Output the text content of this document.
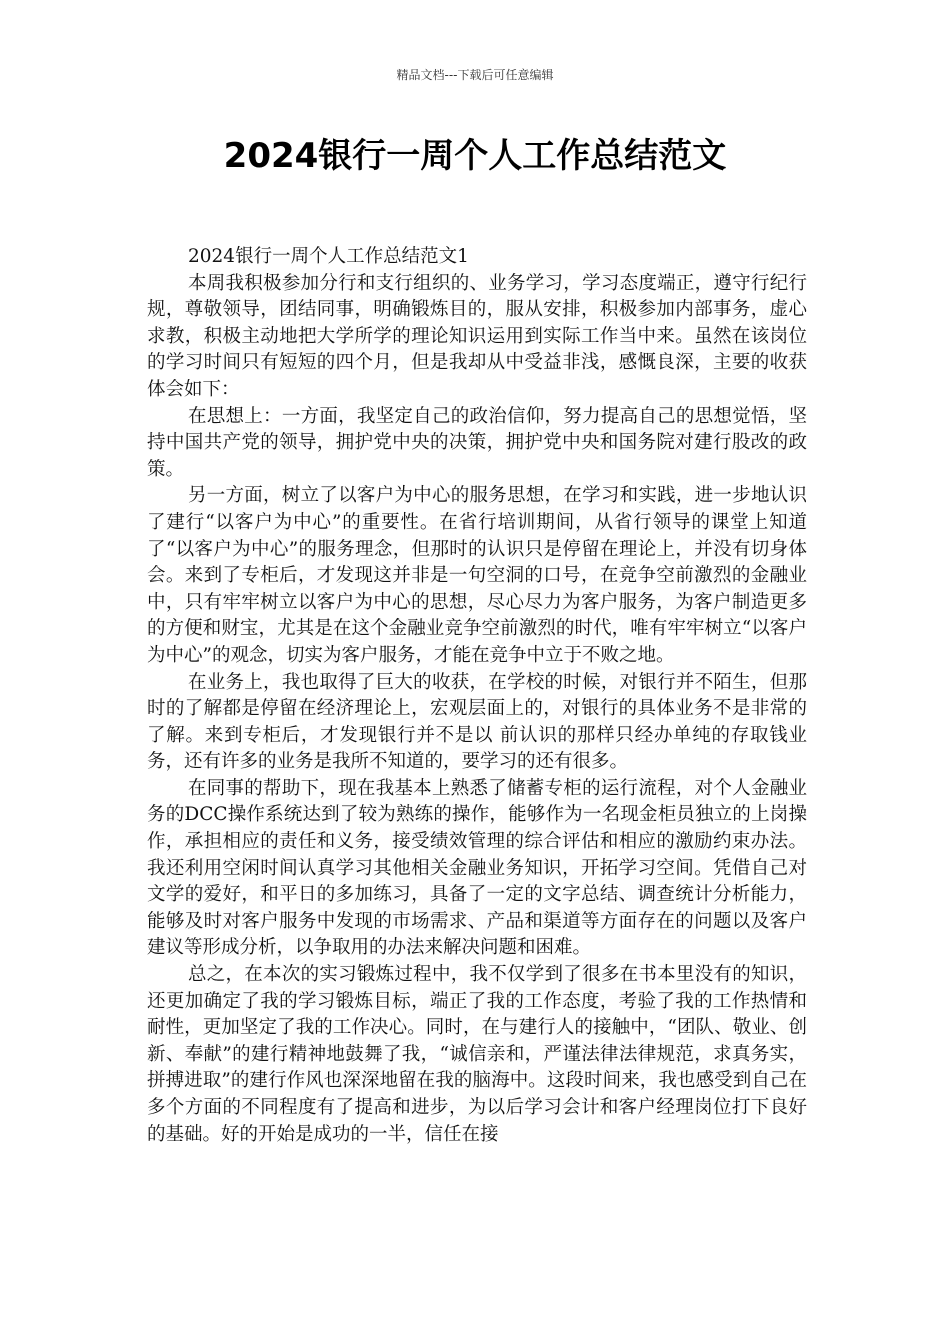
精品文档---下载后可任意编辑
2024银行一周个人工作总结范文

2024银行一周个人工作总结范文1

本周我积极参加分行和支行组织的、业务学习，学习态度端正，遵守行纪行规，尊敬领导，团结同事，明确锻炼目的，服从安排，积极参加内部事务，虚心求教，积极主动地把大学所学的理论知识运用到实际工作当中来。虽然在该岗位的学习时间只有短短的四个月，但是我却从中受益非浅，感慨良深，主要的收获体会如下：

在思想上：一方面，我坚定自己的政治信仰，努力提高自己的思想觉悟，坚持中国共产党的领导，拥护党中央的决策，拥护党中央和国务院对建行股改的政策。

另一方面，树立了以客户为中心的服务思想，在学习和实践，进一步地认识了建行“以客户为中心”的重要性。在省行培训期间，从省行领导的课堂上知道了“以客户为中心”的服务理念，但那时的认识只是停留在理论上，并没有切身体会。来到了专柜后，才发现这并非是一句空洞的口号，在竞争空前激烈的金融业中，只有牢牢树立以客户为中心的思想，尽心尽力为客户服务，为客户制造更多的方便和财宝，尤其是在这个金融业竞争空前激烈的时代，唯有牢牢树立“以客户为中心”的观念，切实为客户服务，才能在竞争中立于不败之地。

在业务上，我也取得了巨大的收获，在学校的时候，对银行并不陌生，但那时的了解都是停留在经济理论上，宏观层面上的，对银行的具体业务不是非常的了解。来到专柜后，才发现银行并不是以 前认识的那样只经办单纯的存取钱业务，还有许多的业务是我所不知道的，要学习的还有很多。

在同事的帮助下，现在我基本上熟悉了储蓄专柜的运行流程，对个人金融业务的DCC操作系统达到了较为熟练的操作，能够作为一名现金柜员独立的上岗操作，承担相应的责任和义务，接受绩效管理的综合评估和相应的激励约束办法。我还利用空闲时间认真学习其他相关金融业务知识，开拓学习空间。凭借自己对文学的爱好，和平日的多加练习，具备了一定的文字总结、调查统计分析能力，能够及时对客户服务中发现的市场需求、产品和渠道等方面存在的问题以及客户建议等形成分析，以争取用的办法来解决问题和困难。

总之，在本次的实习锻炼过程中，我不仅学到了很多在书本里没有的知识，还更加确定了我的学习锻炼目标，端正了我的工作态度，考验了我的工作热情和耐性，更加坚定了我的工作决心。同时，在与建行人的接触中，“团队、敬业、创新、奉献”的建行精神地鼓舞了我，“诚信亲和，严谨法律法律规范，求真务实，拼搏进取”的建行作风也深深地留在我的脑海中。这段时间来，我也感受到自己在多个方面的不同程度有了提高和进步，为以后学习会计和客户经理岗位打下良好的基础。好的开始是成功的一半，信任在接
